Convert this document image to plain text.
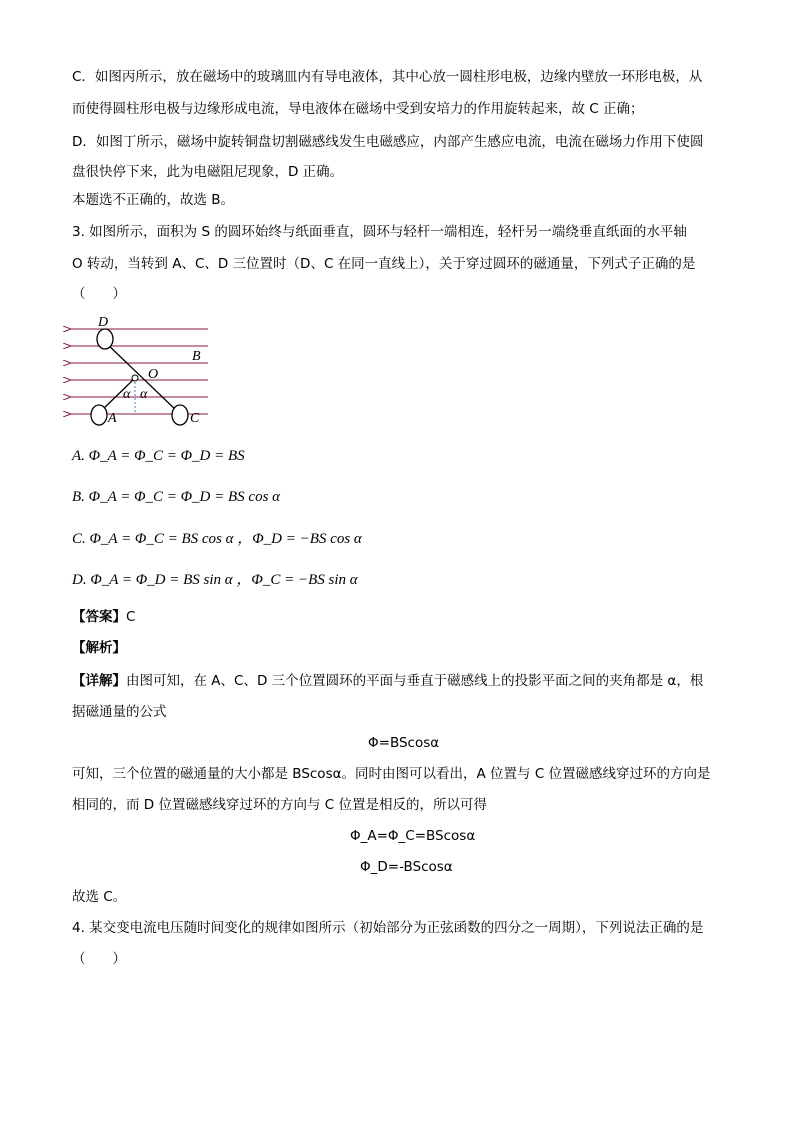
C．如图丙所示，放在磁场中的玻璃皿内有导电液体，其中心放一圆柱形电极，边缘内壁放一环形电极，从
而使得圆柱形电极与边缘形成电流，导电液体在磁场中受到安培力的作用旋转起来，故 C 正确；
D．如图丁所示，磁场中旋转铜盘切割磁感线发生电磁感应，内部产生感应电流，电流在磁场力作用下使圆
盘很快停下来，此为电磁阻尼现象，D 正确。
本题选不正确的，故选 B。
3. 如图所示，面积为 S 的圆环始终与纸面垂直，圆环与轻杆一端相连，轻杆另一端绕垂直纸面的水平轴
O 转动，当转到 A、C、D 三位置时（D、C 在同一直线上），关于穿过圆环的磁通量，下列式子正确的是
（　　）
D
B
O
α α
A	C
A. Φ_A = Φ_C = Φ_D = BS
B. Φ_A = Φ_C = Φ_D = BS cos α
C. Φ_A = Φ_C = BS cos α ，Φ_D = −BS cos α
D. Φ_A = Φ_D = BS sin α ，Φ_C = −BS sin α
【答案】C
【解析】
【详解】由图可知，在 A、C、D 三个位置圆环的平面与垂直于磁感线上的投影平面之间的夹角都是 α，根
据磁通量的公式
Φ=BScosα
可知，三个位置的磁通量的大小都是 BScosα。同时由图可以看出，A 位置与 C 位置磁感线穿过环的方向是
相同的，而 D 位置磁感线穿过环的方向与 C 位置是相反的，所以可得
Φ_A=Φ_C=BScosα
Φ_D=-BScosα
故选 C。
4. 某交变电流电压随时间变化的规律如图所示（初始部分为正弦函数的四分之一周期），下列说法正确的是
（　　）
